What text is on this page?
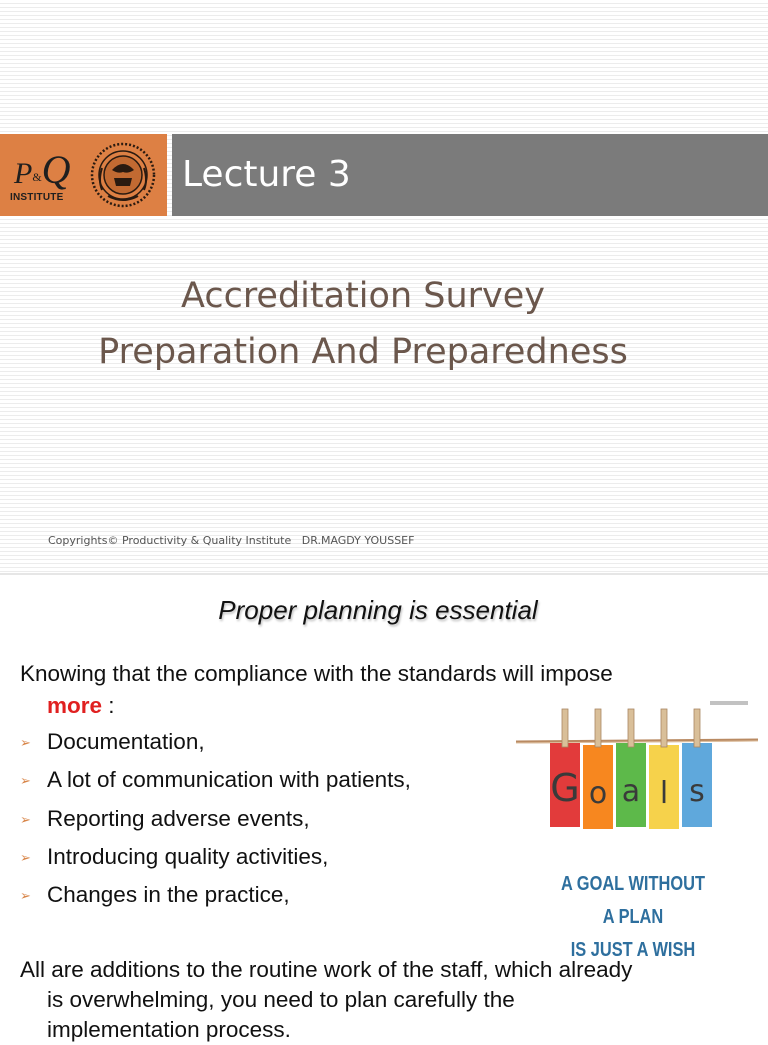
P&Q
INSTITUTE
Lecture 3
Accreditation Survey
Preparation And Preparedness
Copyrights© Productivity & Quality Institute   DR.MAGDY YOUSSEF
Proper planning is essential
Knowing that the compliance with the standards will impose
more :
➢ Documentation,
➢ A lot of communication with patients,
➢ Reporting adverse events,
➢ Introducing quality activities,
➢ Changes in the practice,
G o a l s
A GOAL WITHOUT A PLAN
IS JUST A WISH
All are additions to the routine work of the staff, which already
is overwhelming, you need to plan carefully the
implementation process.
